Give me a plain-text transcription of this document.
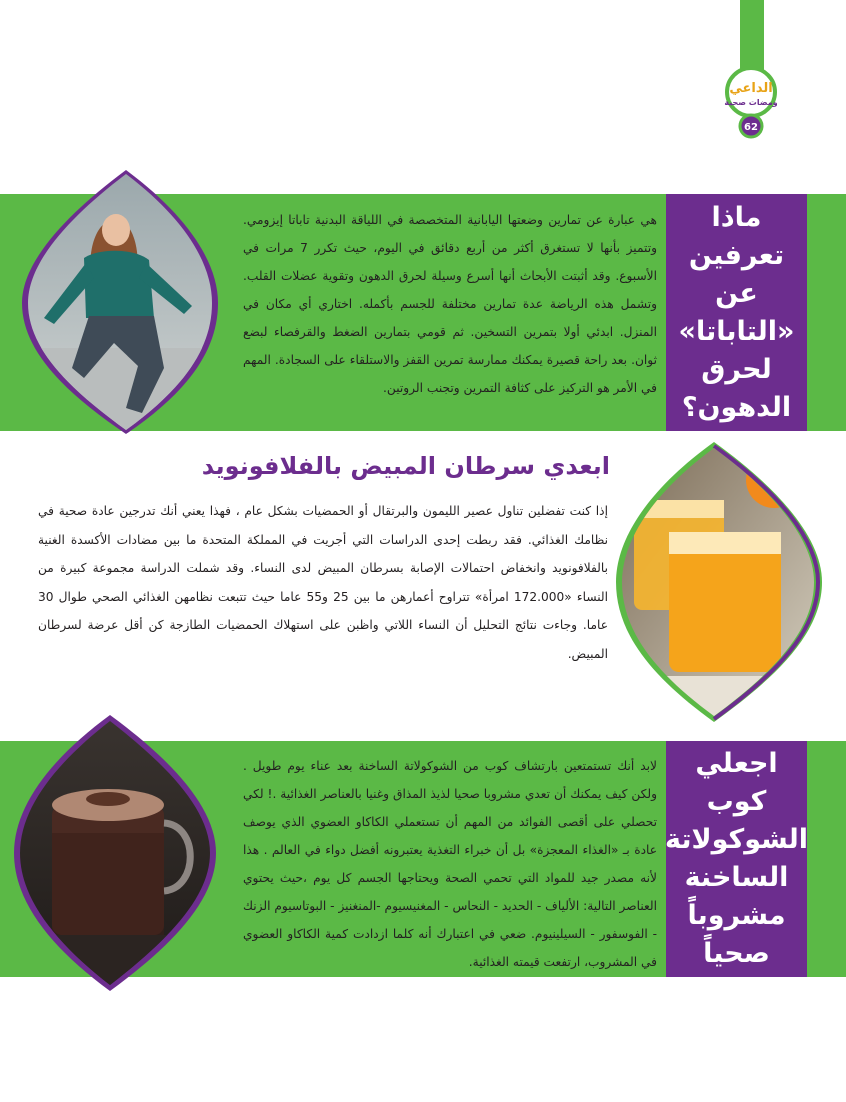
الداعي
ومضات صحية
62
ماذا
تعرفين عن
«التاباتا»
لحرق
الدهون؟
هي عبارة عن تمارين وضعتها اليابانية المتخصصة في اللياقة البدنية تاباتا إيزومي. وتتميز بأنها لا تستغرق أكثر من أربع دقائق في اليوم، حيث تكرر 7 مرات في الأسبوع. وقد أثبتت الأبحاث أنها أسرع وسيلة لحرق الدهون وتقوية عضلات القلب. وتشمل هذه الرياضة عدة تمارين مختلفة للجسم بأكمله. اختاري أي مكان في المنزل. ابدئي أولا بتمرين التسخين. ثم قومي بتمارين الضغط والقرفصاء لبضع ثوان. بعد راحة قصيرة يمكنك ممارسة تمرين القفز والاستلقاء على السجادة. المهم في الأمر هو التركيز على كثافة التمرين وتجنب الروتين.
ابعدي سرطان المبيض بالفلافونويد
إذا كنت تفضلين تناول عصير الليمون والبرتقال أو الحمضيات بشكل عام ، فهذا يعني أنك تدرجين عادة صحية في نظامك الغذائي. فقد ربطت إحدى الدراسات التي أجريت في المملكة المتحدة ما بين مضادات الأكسدة الغنية بالفلافونويد وانخفاض احتمالات الإصابة بسرطان المبيض لدى النساء. وقد شملت الدراسة مجموعة كبيرة من النساء «172.000 امرأة» تتراوح أعمارهن ما بين 25 و55 عاما حيث تتبعت نظامهن الغذائي الصحي طوال 30 عاما. وجاءت نتائج التحليل أن النساء اللاتي واظبن على استهلاك الحمضيات الطازجة كن أقل عرضة لسرطان المبيض.
اجعلي كوب
الشوكولاتة
الساخنة
مشروباً
صحياً
لابد أنك تستمتعين بارتشاف كوب من الشوكولاتة الساخنة بعد عناء يوم طويل . ولكن كيف يمكنك أن تعدي مشروبا صحيا لذيذ المذاق وغنيا بالعناصر الغذائية .! لكي تحصلي على أقصى الفوائد من المهم أن تستعملي الكاكاو العضوي الذي يوصف عادة بـ «الغذاء المعجزة» بل أن خبراء التغذية يعتبرونه أفضل دواء في العالم . هذا لأنه مصدر جيد للمواد التي تحمي الصحة ويحتاجها الجسم كل يوم ،حيث يحتوي العناصر التالية: الألياف - الحديد - النحاس - المغنيسيوم -المنغنيز - البوتاسيوم الزنك - الفوسفور - السيلينيوم. ضعي في اعتبارك أنه كلما ازدادت كمية الكاكاو العضوي في المشروب، ارتفعت قيمته الغذائية.
